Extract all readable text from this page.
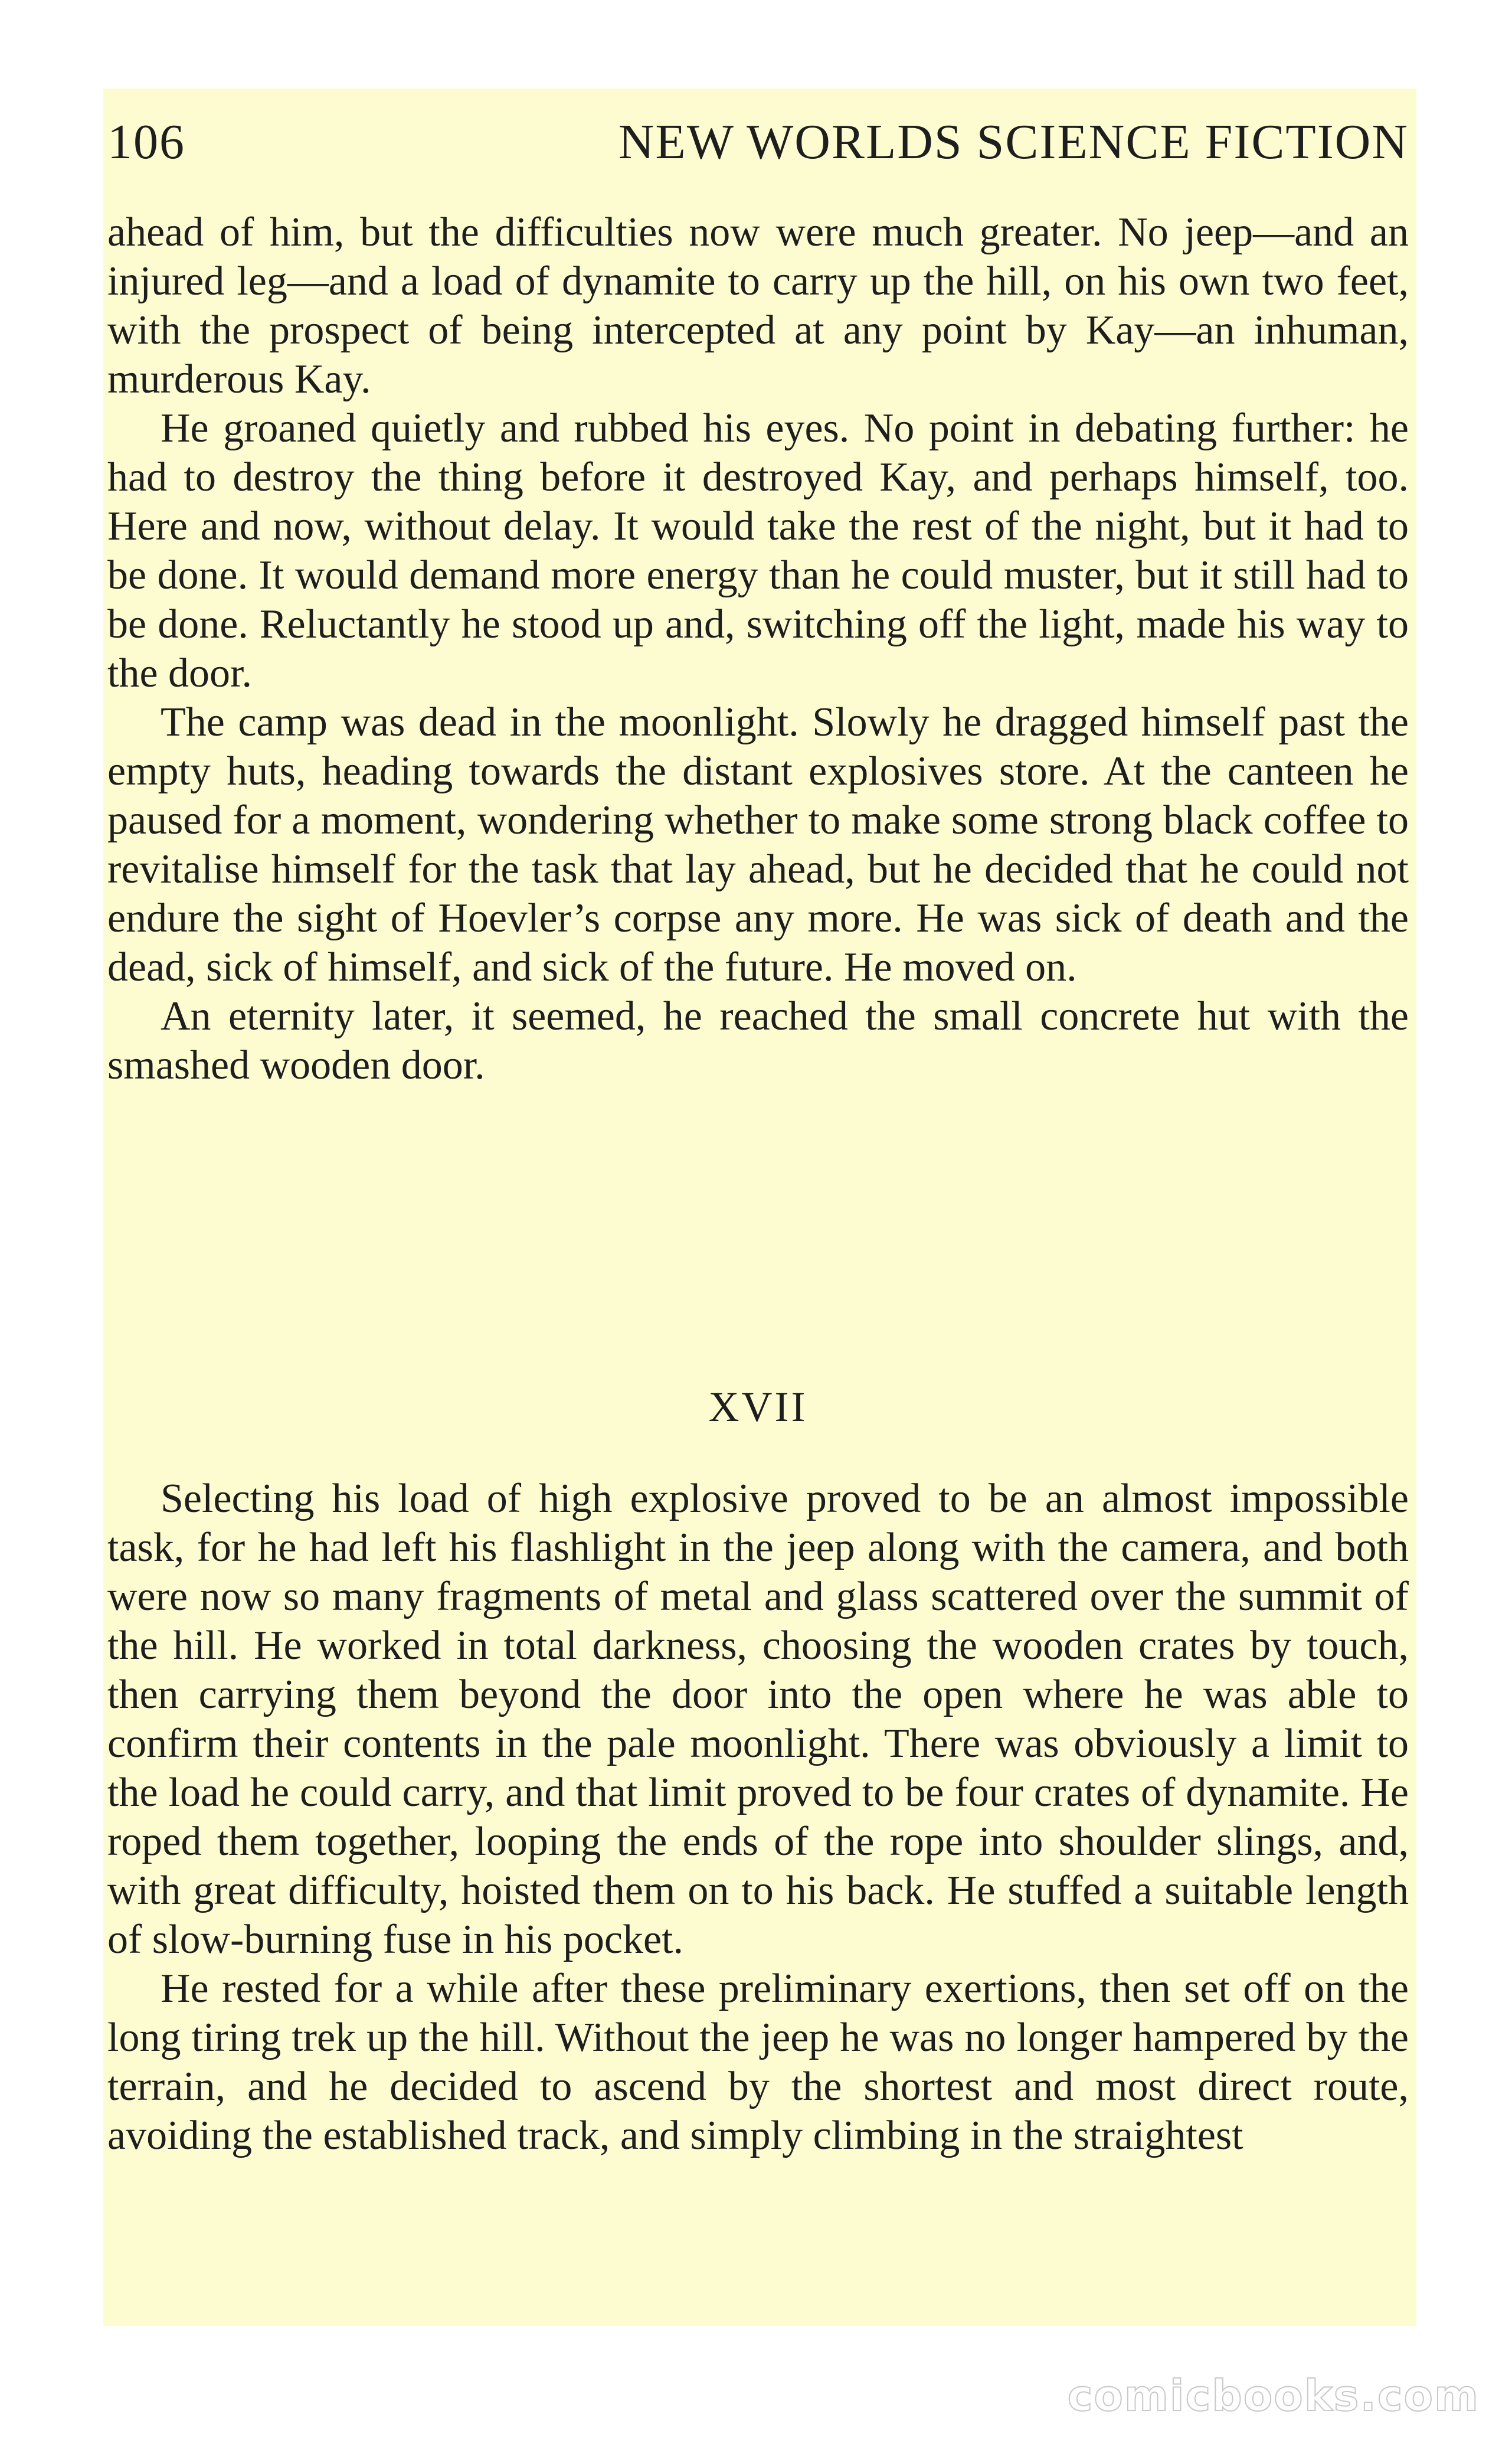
106	NEW WORLDS SCIENCE FICTION

ahead of him, but the difficulties now were much greater. No jeep—and an injured leg—and a load of dynamite to carry up the hill, on his own two feet, with the prospect of being intercepted at any point by Kay—an inhuman, murderous Kay.

He groaned quietly and rubbed his eyes. No point in debating further: he had to destroy the thing before it destroyed Kay, and perhaps himself, too. Here and now, without delay. It would take the rest of the night, but it had to be done. It would demand more energy than he could muster, but it still had to be done. Reluctantly he stood up and, switching off the light, made his way to the door.

The camp was dead in the moonlight. Slowly he dragged himself past the empty huts, heading towards the distant explosives store. At the canteen he paused for a moment, wondering whether to make some strong black coffee to revitalise himself for the task that lay ahead, but he decided that he could not endure the sight of Hoevler’s corpse any more. He was sick of death and the dead, sick of himself, and sick of the future. He moved on.

An eternity later, it seemed, he reached the small concrete hut with the smashed wooden door.

XVII

Selecting his load of high explosive proved to be an almost impossible task, for he had left his flashlight in the jeep along with the camera, and both were now so many fragments of metal and glass scattered over the summit of the hill. He worked in total darkness, choosing the wooden crates by touch, then carrying them beyond the door into the open where he was able to confirm their contents in the pale moonlight. There was obviously a limit to the load he could carry, and that limit proved to be four crates of dynamite. He roped them together, looping the ends of the rope into shoulder slings, and, with great difficulty, hoisted them on to his back. He stuffed a suitable length of slow-burning fuse in his pocket.

He rested for a while after these preliminary exertions, then set off on the long tiring trek up the hill. Without the jeep he was no longer hampered by the terrain, and he decided to ascend by the shortest and most direct route, avoiding the established track, and simply climbing in the straightest

comicbooks.com
